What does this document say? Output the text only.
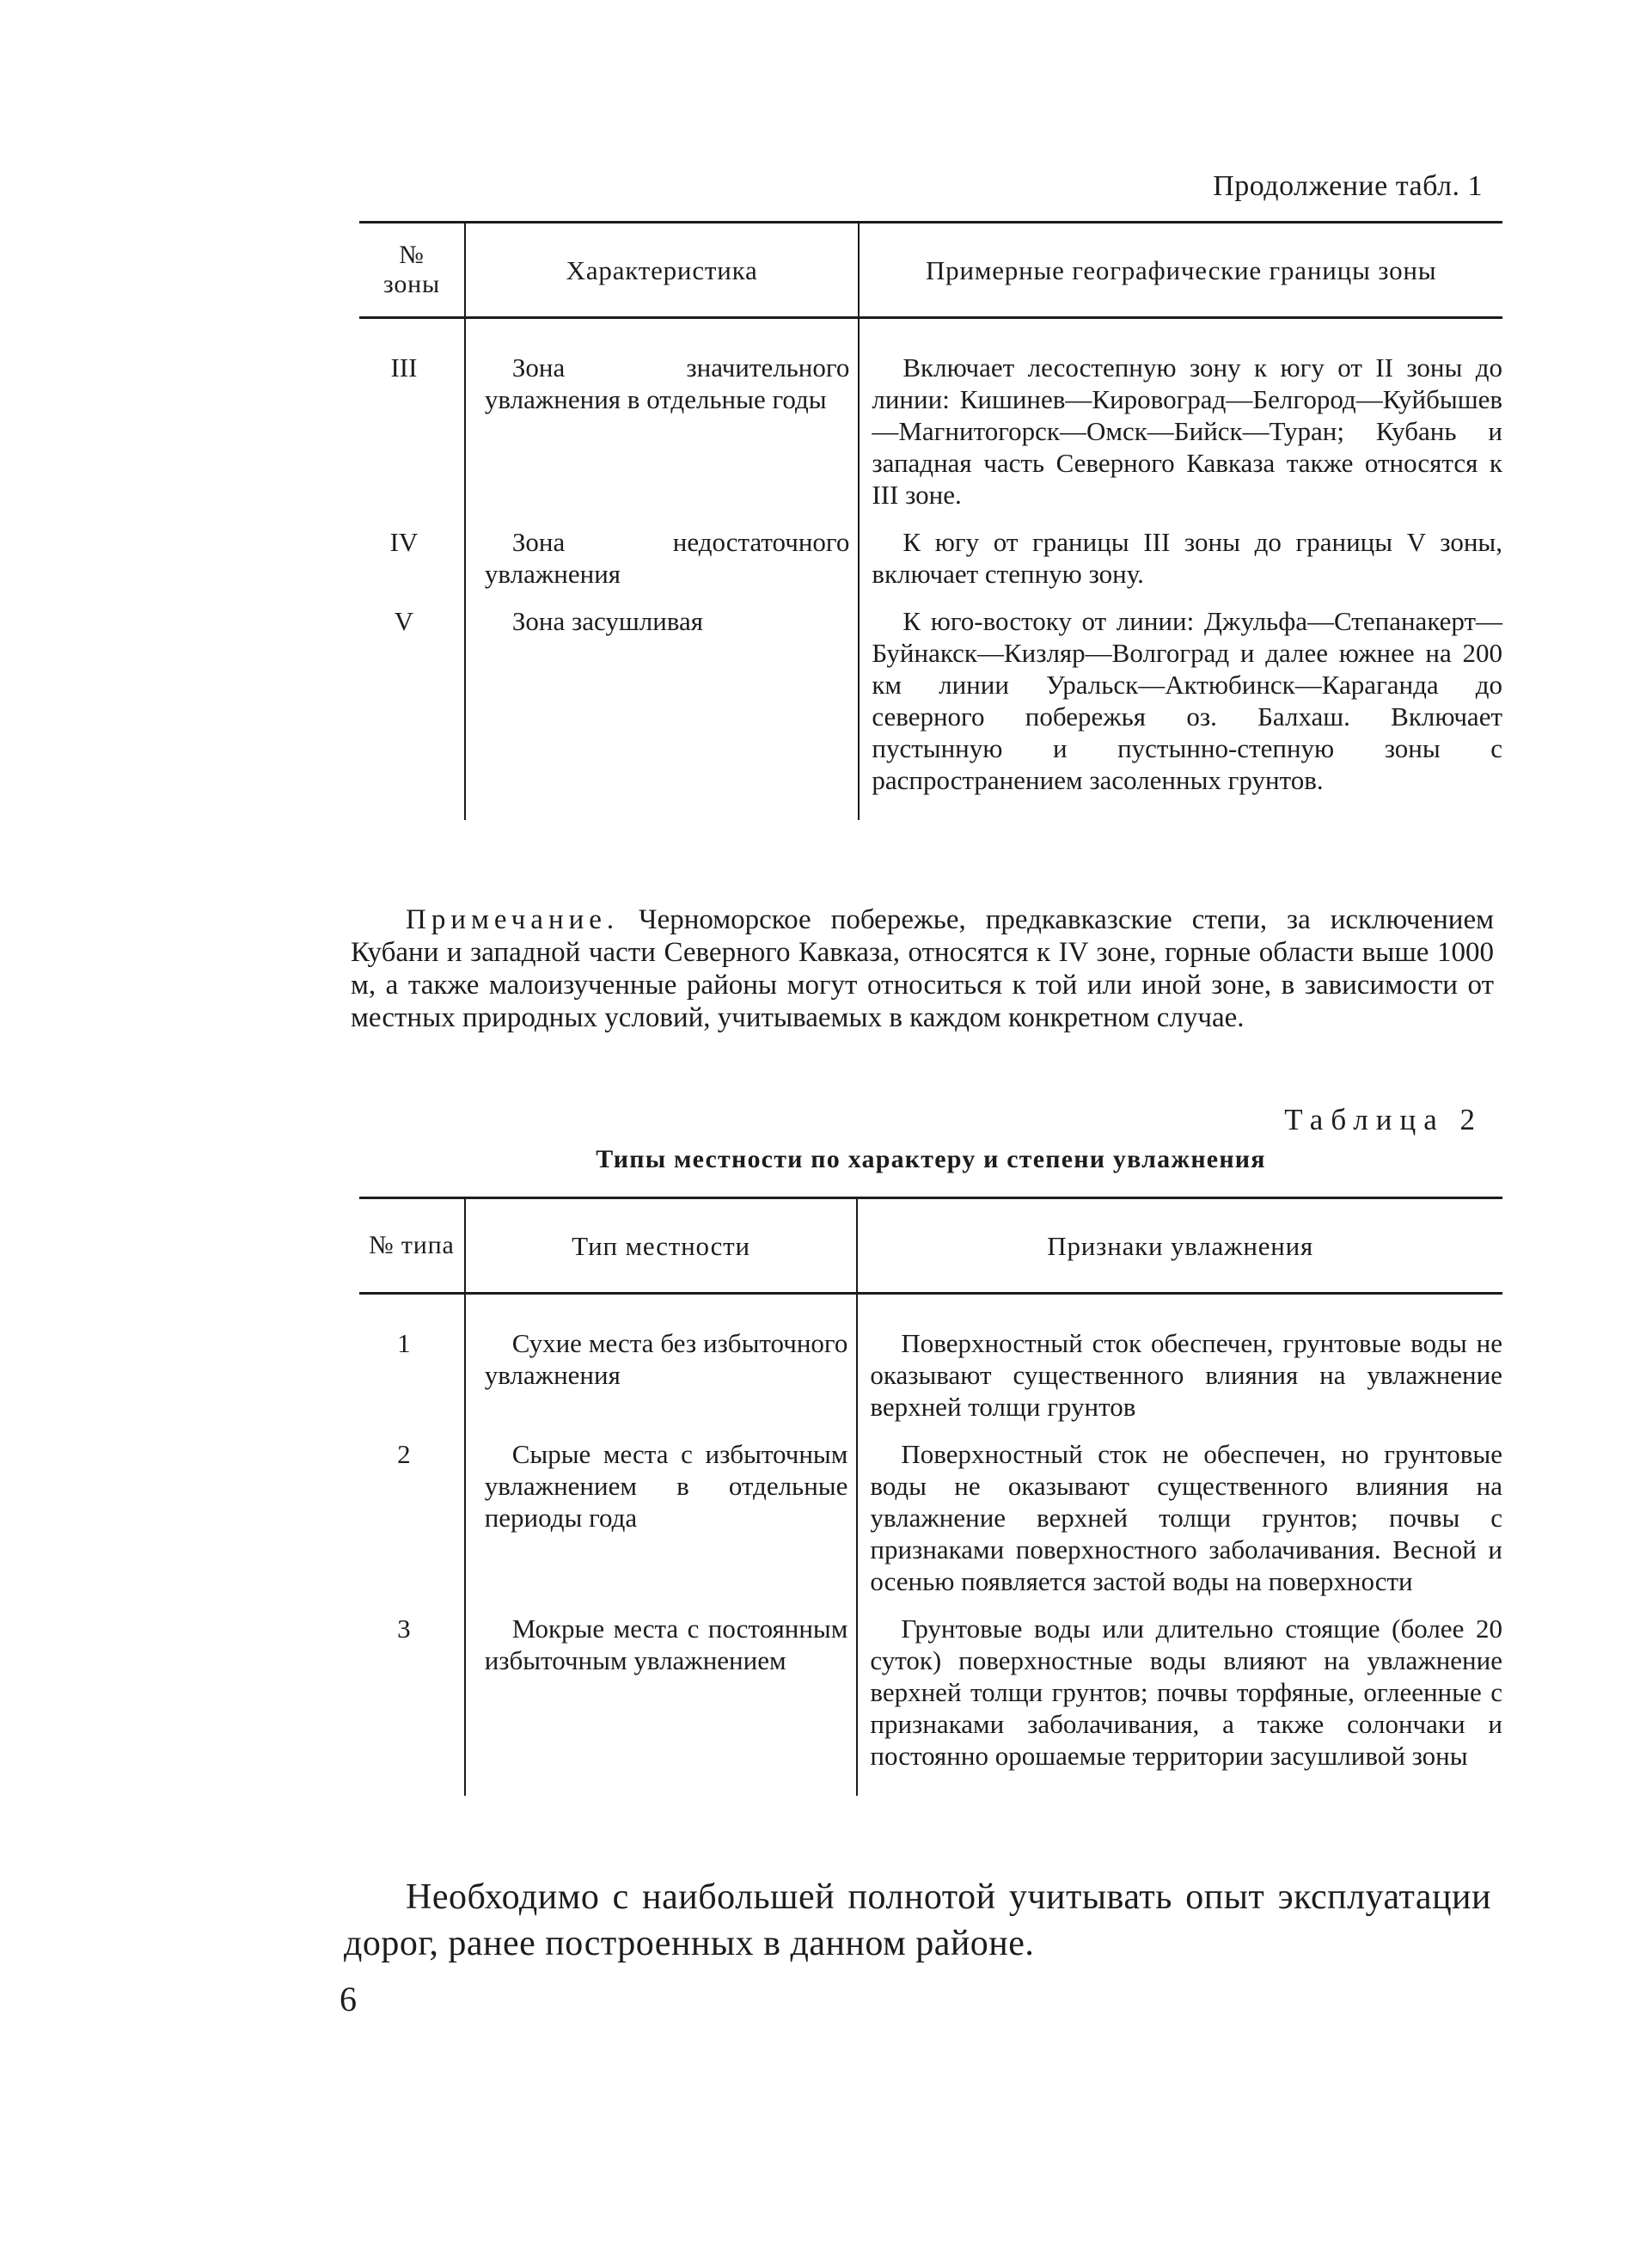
Продолжение табл. 1
№ зоны	Характеристика	Примерные географические границы зоны

III	Зона значительного увлажнения в отдельные годы	Включает лесостепную зону к югу от II зоны до линии: Кишинев—Кировоград—Белгород—Куйбышев—Магнитогорск—Омск—Бийск—Туран; Кубань и западная часть Северного Кавказа также относятся к III зоне.

IV	Зона недостаточного увлажнения	К югу от границы III зоны до границы V зоны, включает степную зону.

V	Зона засушливая	К юго-востоку от линии: Джульфа—Степанакерт—Буйнакск—Кизляр—Волгоград и далее южнее на 200 км линии Уральск—Актюбинск—Караганда до северного побережья оз. Балхаш. Включает пустынную и пустынно-степную зоны с распространением засоленных грунтов.

Примечание. Черноморское побережье, предкавказские степи, за исключением Кубани и западной части Северного Кавказа, относятся к IV зоне, горные области выше 1000 м, а также малоизученные районы могут относиться к той или иной зоне, в зависимости от местных природных условий, учитываемых в каждом конкретном случае.

Таблица 2
Типы местности по характеру и степени увлажнения
№ типа	Тип местности	Признаки увлажнения

1	Сухие места без избыточного увлажнения	Поверхностный сток обеспечен, грунтовые воды не оказывают существенного влияния на увлажнение верхней толщи грунтов

2	Сырые места с избыточным увлажнением в отдельные периоды года	Поверхностный сток не обеспечен, но грунтовые воды не оказывают существенного влияния на увлажнение верхней толщи грунтов; почвы с признаками поверхностного заболачивания. Весной и осенью появляется застой воды на поверхности

3	Мокрые места с постоянным избыточным увлажнением	Грунтовые воды или длительно стоящие (более 20 суток) поверхностные воды влияют на увлажнение верхней толщи грунтов; почвы торфяные, оглеенные с признаками заболачивания, а также солончаки и постоянно орошаемые территории засушливой зоны

Необходимо с наибольшей полнотой учитывать опыт эксплуатации дорог, ранее построенных в данном районе.

6
